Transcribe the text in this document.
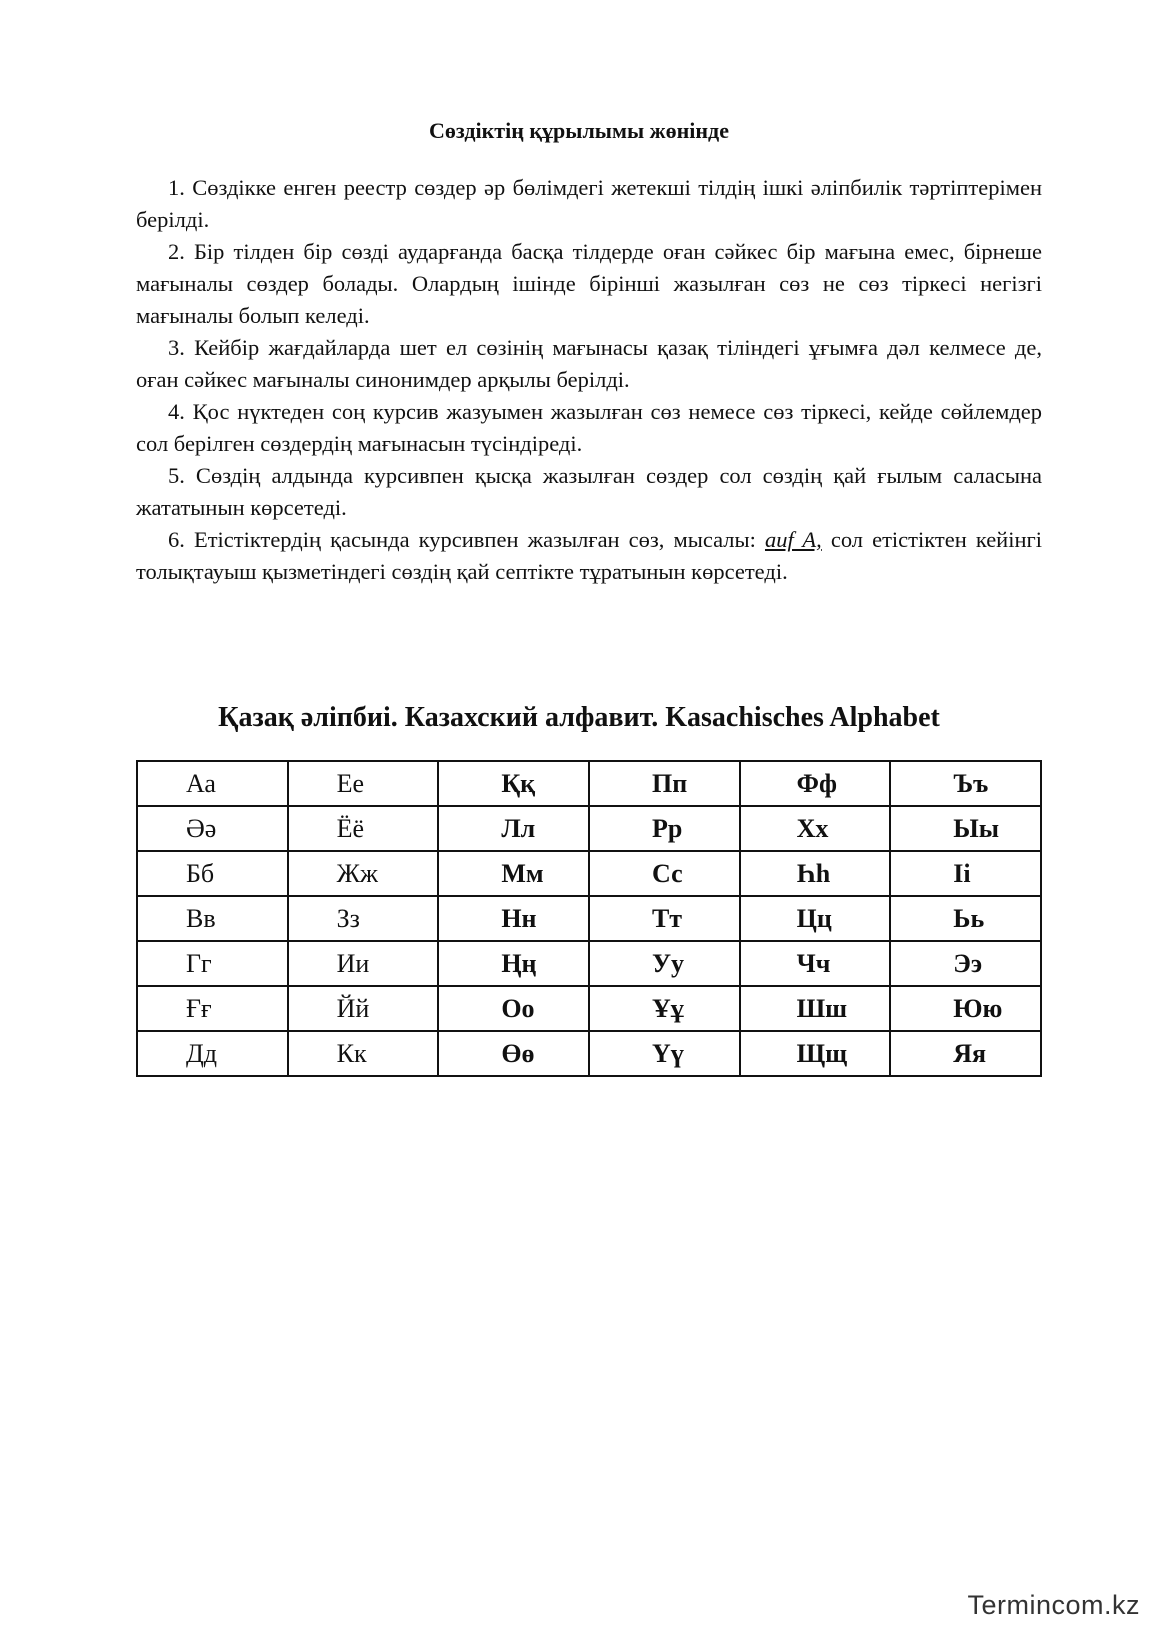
Сөздіктің құрылымы жөнінде

1. Сөздікке енген реестр сөздер әр бөлімдегі жетекші тілдің ішкі әліпбилік тәртіптерімен берілді.

2. Бір тілден бір сөзді аударғанда басқа тілдерде оған сәйкес бір мағына емес, бірнеше мағыналы сөздер болады. Олардың ішінде бірінші жазылған сөз не сөз тіркесі негізгі мағыналы болып келеді.

3. Кейбір жағдайларда шет ел сөзінің мағынасы қазақ тіліндегі ұғымға дәл келмесе де, оған сәйкес мағыналы синонимдер арқылы берілді.

4. Қос нүктеден соң курсив жазуымен жазылған сөз немесе сөз тіркесі, кейде сөйлемдер сол берілген сөздердің мағынасын түсіндіреді.

5. Сөздің алдында курсивпен қысқа жазылған сөздер сол сөздің қай ғылым саласына жататынын көрсетеді.

6. Етістіктердің қасында курсивпен жазылған сөз, мысалы: auf A, сол етістіктен кейінгі толықтауыш қызметіндегі сөздің қай септікте тұратынын көрсетеді.

Қазақ әліпбиі. Казахский алфавит. Kasachisches Alphabet
Аа	Ее	Ққ	Пп	Фф	Ъъ
Әә	Ёё	Лл	Рр	Хх	Ыы
Бб	Жж	Мм	Сс	Һһ	Іі
Вв	Зз	Нн	Тт	Цц	Ьь
Гг	Ии	Ңң	Уу	Чч	Ээ
Ғғ	Йй	Оо	Ұұ	Шш	Юю
Дд	Кк	Өө	Үү	Щщ	Яя
Termincom.kz
